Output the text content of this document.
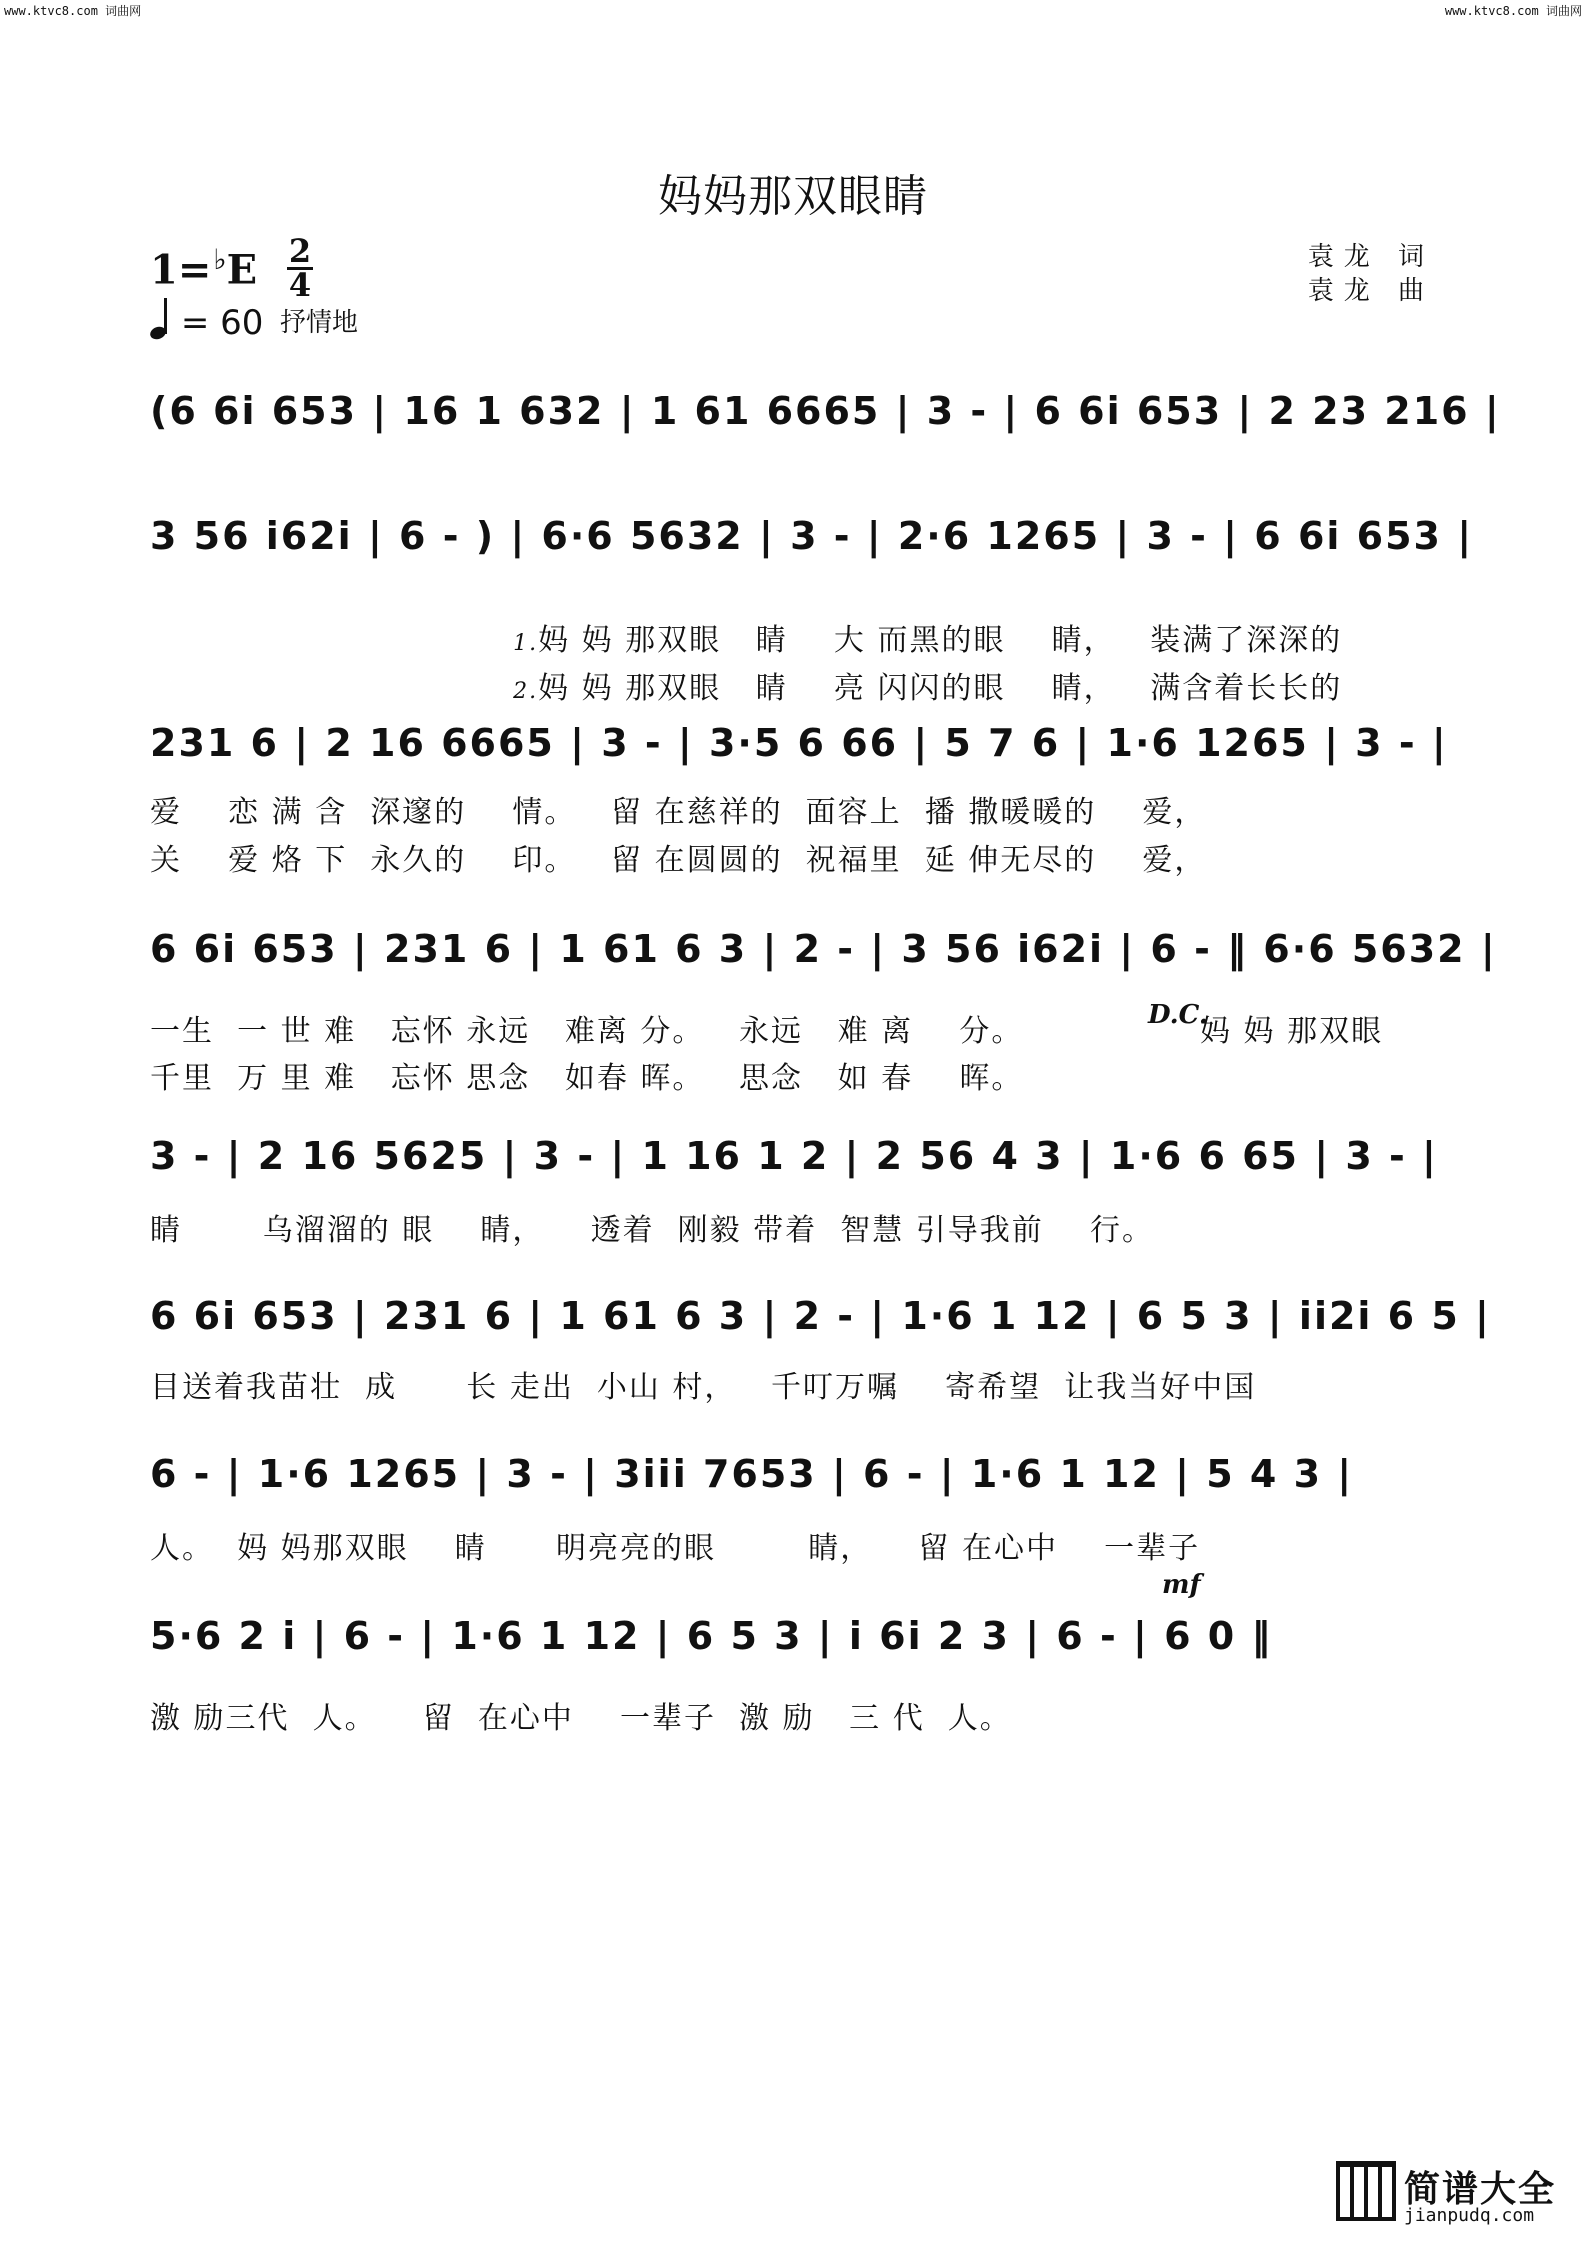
www.ktvc8.com 词曲网	www.ktvc8.com 词曲网
妈妈那双眼睛
1=♭E 2
4
= 60 抒情地
袁龙 词
袁龙 曲
(6 6i 653 | 16 1 632 | 1 61 6665 | 3 - | 6 6i 653 | 2 23 216 |
3 56 i62i | 6 - ) | 6·6 5632 | 3 - | 2·6 1265 | 3 - | 6 6i 653 |

1.妈 妈 那双眼   睛    大 而黑的眼    睛，   装满了深深的

2.妈 妈 那双眼   睛    亮 闪闪的眼    睛，   满含着长长的

231 6 | 2 16 6665 | 3 - | 3·5 6 66 | 5 7 6 | 1·6 1265 | 3 - |
爱    恋 满 含  深邃的    情。   留 在慈祥的  面容上  播 撒暖暖的    爱，
关    爱 烙 下  永久的    印。   留 在圆圆的  祝福里  延 伸无尽的    爱，
6 6i 653 | 231 6 | 1 61 6 3 | 2 - | 3 56 i62i | 6 - ‖ 6·6 5632 |
一生  一 世 难   忘怀 永远   难离 分。   永远   难 离    分。	D.C.
妈 妈 那双眼
千里  万 里 难   忘怀 思念   如春 晖。   思念   如 春    晖。
3 - | 2 16 5625 | 3 - | 1 16 1 2 | 2 56 4 3 | 1·6 6 65 | 3 - |
睛       乌溜溜的 眼    睛，    透着  刚毅 带着  智慧 引导我前    行。
6 6i 653 | 231 6 | 1 61 6 3 | 2 - | 1·6 1 12 | 6 5 3 | ii2i 6 5 |
目送着我苗壮  成      长 走出  小山 村，   千叮万嘱    寄希望  让我当好中国
6 - | 1·6 1265 | 3 - | 3iii 7653 | 6 - | 1·6 1 12 | 5 4 3 |
人。  妈 妈那双眼    睛      明亮亮的眼        睛，    留 在心中    一辈子
mf
5·6 2 i | 6 - | 1·6 1 12 | 6 5 3 | i 6i 2 3 | 6 - | 6 0 ‖
激 励三代  人。    留  在心中    一辈子  激 励   三 代  人。
简谱大全
jianpudq.com
